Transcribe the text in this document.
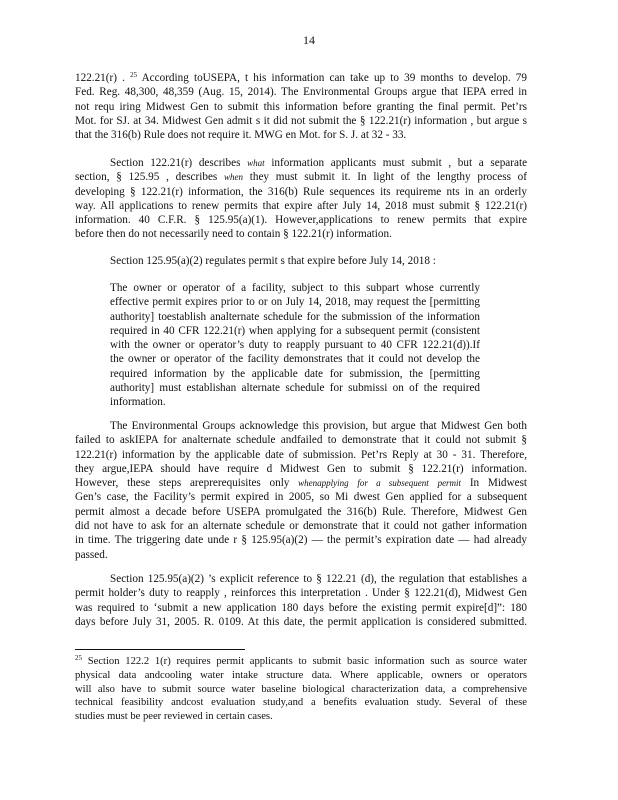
14
122.21(r) . $^{25}$ According toUSEPA, t his information can take up to 39 months to develop. 79
Fed. Reg. 48,300, 48,359 (Aug. 15, 2014). The Environmental Groups argue that IEPA erred in
not requ iring Midwest Gen to submit this information before granting the final permit. Pet’rs
Mot. for SJ. at 34. Midwest Gen admit s it did not submit the § 122.21(r) information , but argue s
that the 316(b) Rule does not require it. MWG en Mot. for S. J. at 32 - 33.
Section 122.21(r) describes what information applicants must submit , but a separate
section, § 125.95 , describes when they must submit it. In light of the lengthy process of
developing § 122.21(r) information, the 316(b) Rule sequences its requireme nts in an orderly
way. All applications to renew permits that expire after July 14, 2018 must submit § 122.21(r)
information. 40 C.F.R. § 125.95(a)(1). However,applications to renew permits that expire
before then do not necessarily need to contain § 122.21(r) information.
Section 125.95(a)(2) regulates permit s that expire before July 14, 2018 :
The owner or operator of a facility, subject to this subpart whose currently
effective permit expires prior to or on July 14, 2018, may request the [permitting
authority] toestablish analternate schedule for the submission of the information
required in 40 CFR 122.21(r) when applying for a subsequent permit (consistent
with the owner or operator’s duty to reapply pursuant to 40 CFR 122.21(d)).If
the owner or operator of the facility demonstrates that it could not develop the
required information by the applicable date for submission, the [permitting
authority] must establishan alternate schedule for submissi on of the required
information.
The Environmental Groups acknowledge this provision, but argue that Midwest Gen both
failed to askIEPA for analternate schedule andfailed to demonstrate that it could not submit §
122.21(r) information by the applicable date of submission. Pet’rs Reply at 30 - 31. Therefore,
they argue,IEPA should have require d Midwest Gen to submit § 122.21(r) information.
However, these steps areprerequisites only whenapplying for a subsequent permit In Midwest
Gen’s case, the Facility’s permit expired in 2005, so Mi dwest Gen applied for a subsequent
permit almost a decade before USEPA promulgated the 316(b) Rule. Therefore, Midwest Gen
did not have to ask for an alternate schedule or demonstrate that it could not gather information
in time. The triggering date unde r § 125.95(a)(2) — the permit’s expiration date — had already
passed.
Section 125.95(a)(2) ’s explicit reference to § 122.21 (d), the regulation that establishes a
permit holder’s duty to reapply , reinforces this interpretation . Under § 122.21(d), Midwest Gen
was required to ‘submit a new application 180 days before the existing permit expire[d]”: 180
days before July 31, 2005. R. 0109. At this date, the permit application is considered submitted.
$^{25}$ Section 122.2 1(r) requires permit applicants to submit basic information such as source water
physical data andcooling water intake structure data. Where applicable, owners or operators
will also have to submit source water baseline biological characterization data, a comprehensive
technical feasibility andcost evaluation study,and a benefits evaluation study. Several of these
studies must be peer reviewed in certain cases.
